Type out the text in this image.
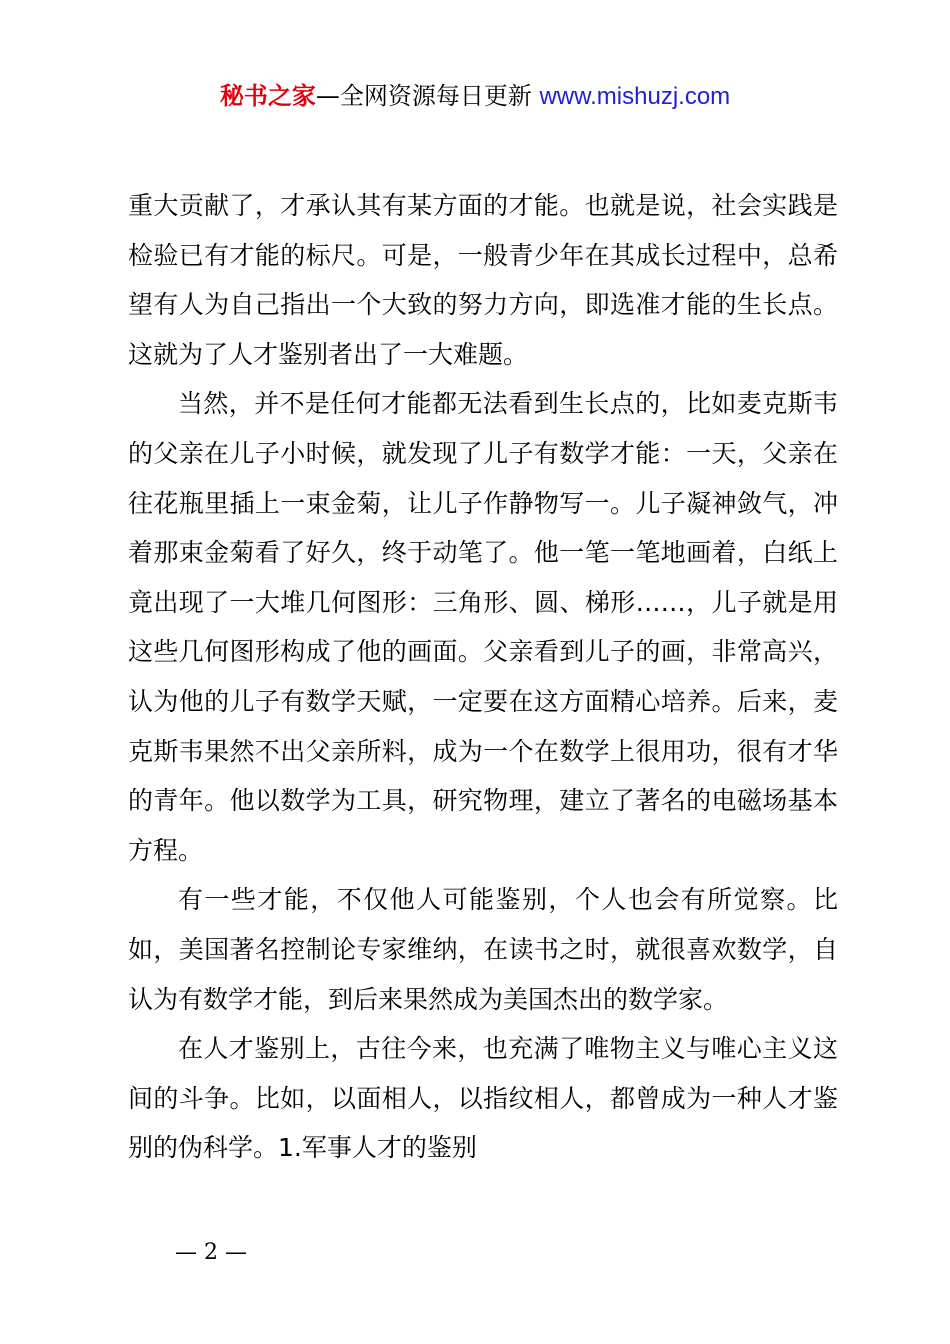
秘书之家—全网资源每日更新 www.mishuzj.com

重大贡献了，才承认其有某方面的才能。也就是说，社会实践是检验已有才能的标尺。可是，一般青少年在其成长过程中，总希望有人为自己指出一个大致的努力方向，即选准才能的生长点。这就为了人才鉴别者出了一大难题。

当然，并不是任何才能都无法看到生长点的，比如麦克斯韦的父亲在儿子小时候，就发现了儿子有数学才能：一天，父亲在往花瓶里插上一束金菊，让儿子作静物写一。儿子凝神敛气，冲着那束金菊看了好久，终于动笔了。他一笔一笔地画着，白纸上竟出现了一大堆几何图形：三角形、圆、梯形……，儿子就是用这些几何图形构成了他的画面。父亲看到儿子的画，非常高兴，认为他的儿子有数学天赋，一定要在这方面精心培养。后来，麦克斯韦果然不出父亲所料，成为一个在数学上很用功，很有才华的青年。他以数学为工具，研究物理，建立了著名的电磁场基本方程。

有一些才能，不仅他人可能鉴别，个人也会有所觉察。比如，美国著名控制论专家维纳，在读书之时，就很喜欢数学，自认为有数学才能，到后来果然成为美国杰出的数学家。

在人才鉴别上，古往今来，也充满了唯物主义与唯心主义这间的斗争。比如，以面相人，以指纹相人，都曾成为一种人才鉴别的伪科学。1.军事人才的鉴别

— 2 —
